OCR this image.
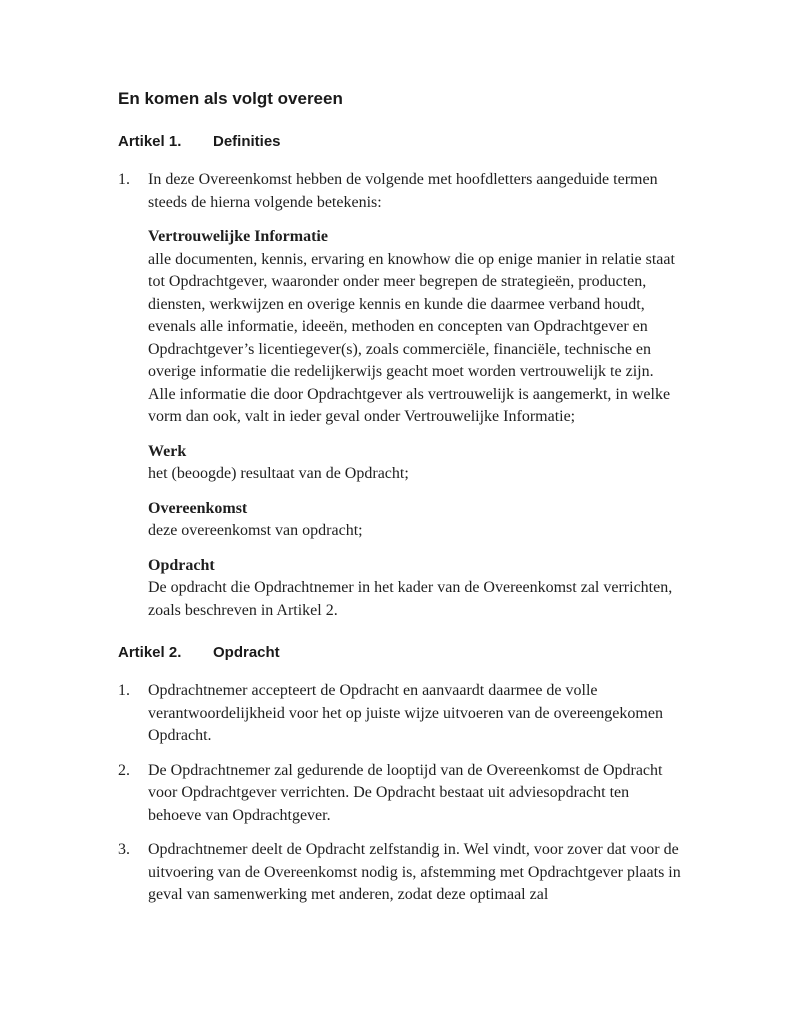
En komen als volgt overeen
Artikel 1.	Definities
1.	In deze Overeenkomst hebben de volgende met hoofdletters aangeduide termen steeds de hierna volgende betekenis:

Vertrouwelijke Informatie

alle documenten, kennis, ervaring en knowhow die op enige manier in relatie staat tot Opdrachtgever, waaronder onder meer begrepen de strategieën, producten, diensten, werkwijzen en overige kennis en kunde die daarmee verband houdt, evenals alle informatie, ideeën, methoden en concepten van Opdrachtgever en Opdrachtgever’s licentiegever(s), zoals commerciële, financiële, technische en overige informatie die redelijkerwijs geacht moet worden vertrouwelijk te zijn. Alle informatie die door Opdrachtgever als vertrouwelijk is aangemerkt, in welke vorm dan ook, valt in ieder geval onder Vertrouwelijke Informatie;

Werk

het (beoogde) resultaat van de Opdracht;

Overeenkomst

deze overeenkomst van opdracht;

Opdracht

De opdracht die Opdrachtnemer in het kader van de Overeenkomst zal verrichten, zoals beschreven in Artikel 2.

Artikel 2.	Opdracht
1.	Opdrachtnemer accepteert de Opdracht en aanvaardt daarmee de volle verantwoordelijkheid voor het op juiste wijze uitvoeren van de overeengekomen Opdracht.

2.	De Opdrachtnemer zal gedurende de looptijd van de Overeenkomst de Opdracht voor Opdrachtgever verrichten. De Opdracht bestaat uit adviesopdracht ten behoeve van Opdrachtgever.

3.	Opdrachtnemer deelt de Opdracht zelfstandig in. Wel vindt, voor zover dat voor de uitvoering van de Overeenkomst nodig is, afstemming met Opdrachtgever plaats in geval van samenwerking met anderen, zodat deze optimaal zal
